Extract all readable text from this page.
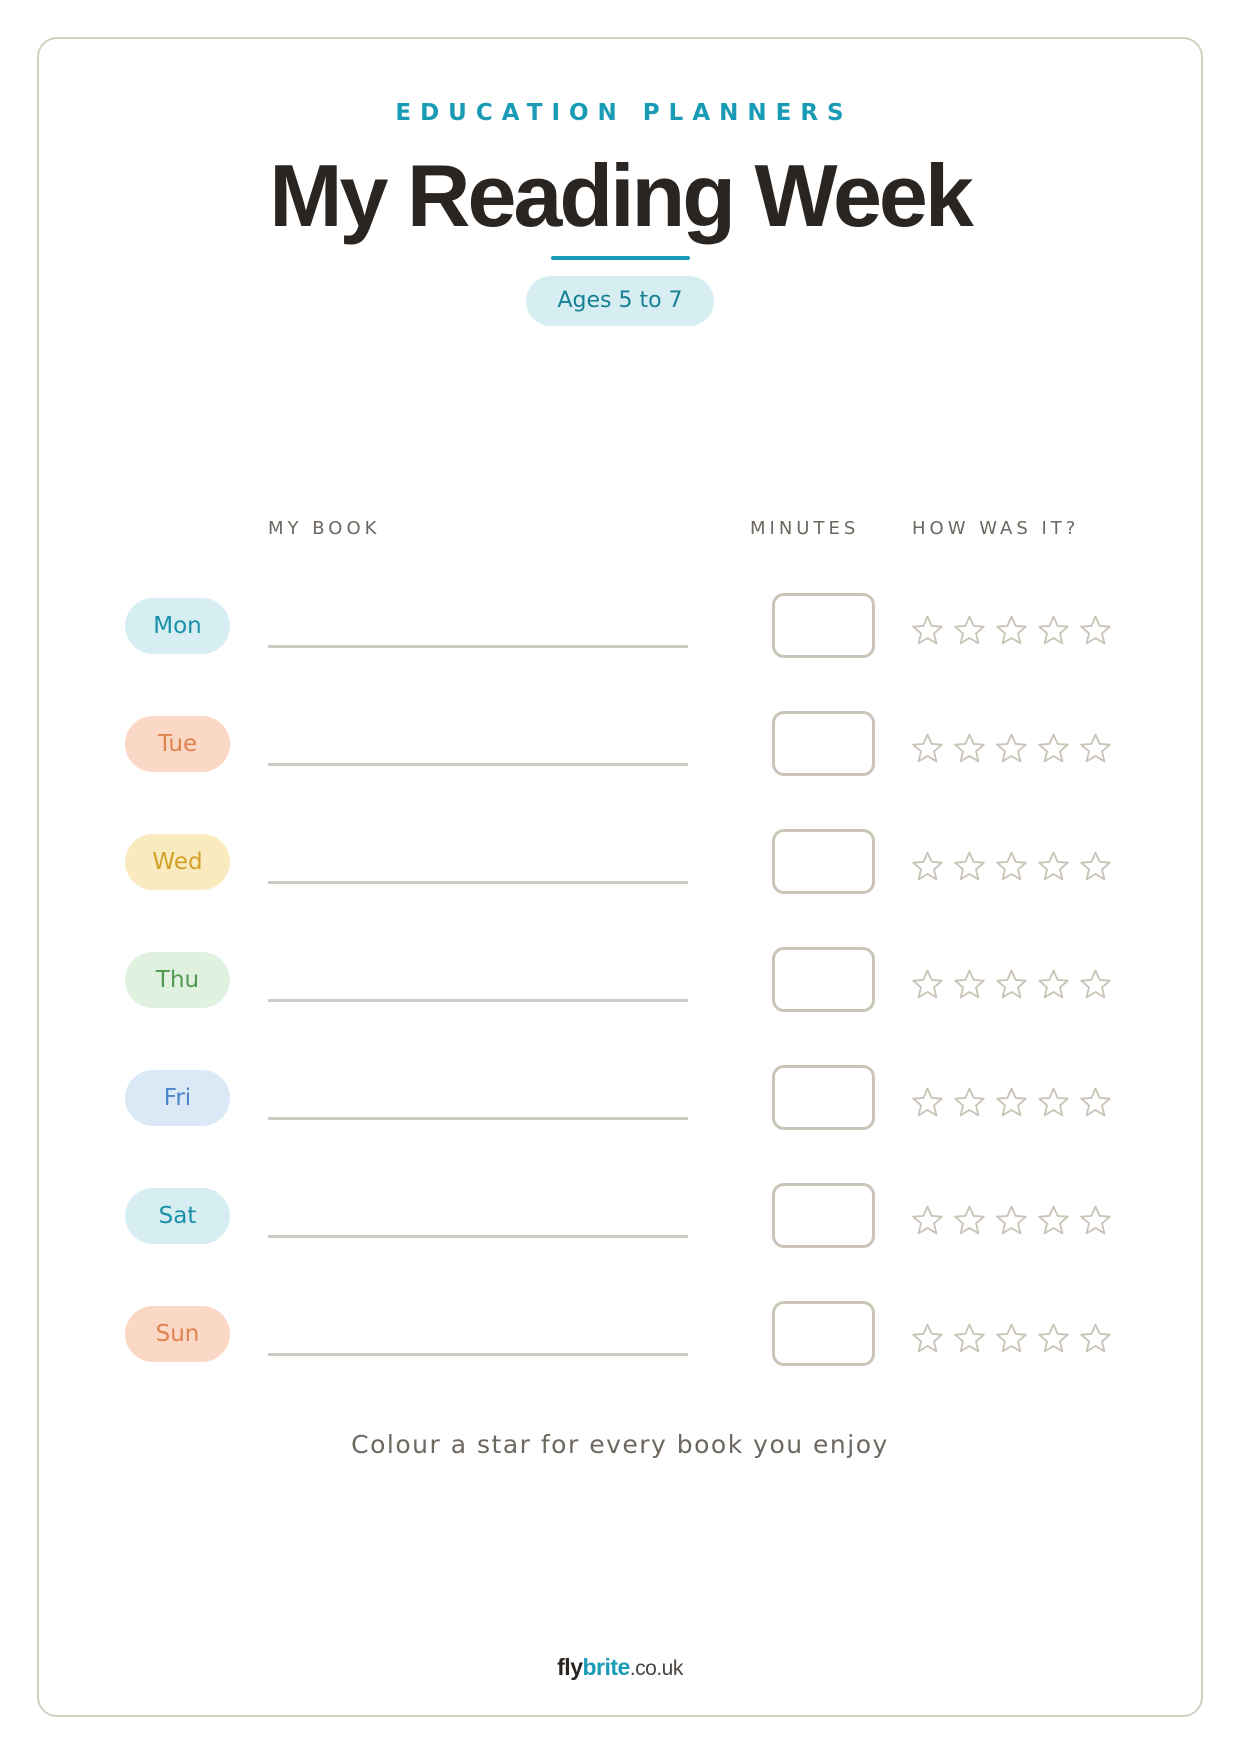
EDUCATION PLANNERS
My Reading Week
Ages 5 to 7
MY BOOK	MINUTES	HOW WAS IT?
Mon
Tue
Wed
Thu
Fri
Sat
Sun
Colour a star for every book you enjoy
flybrite.co.uk
